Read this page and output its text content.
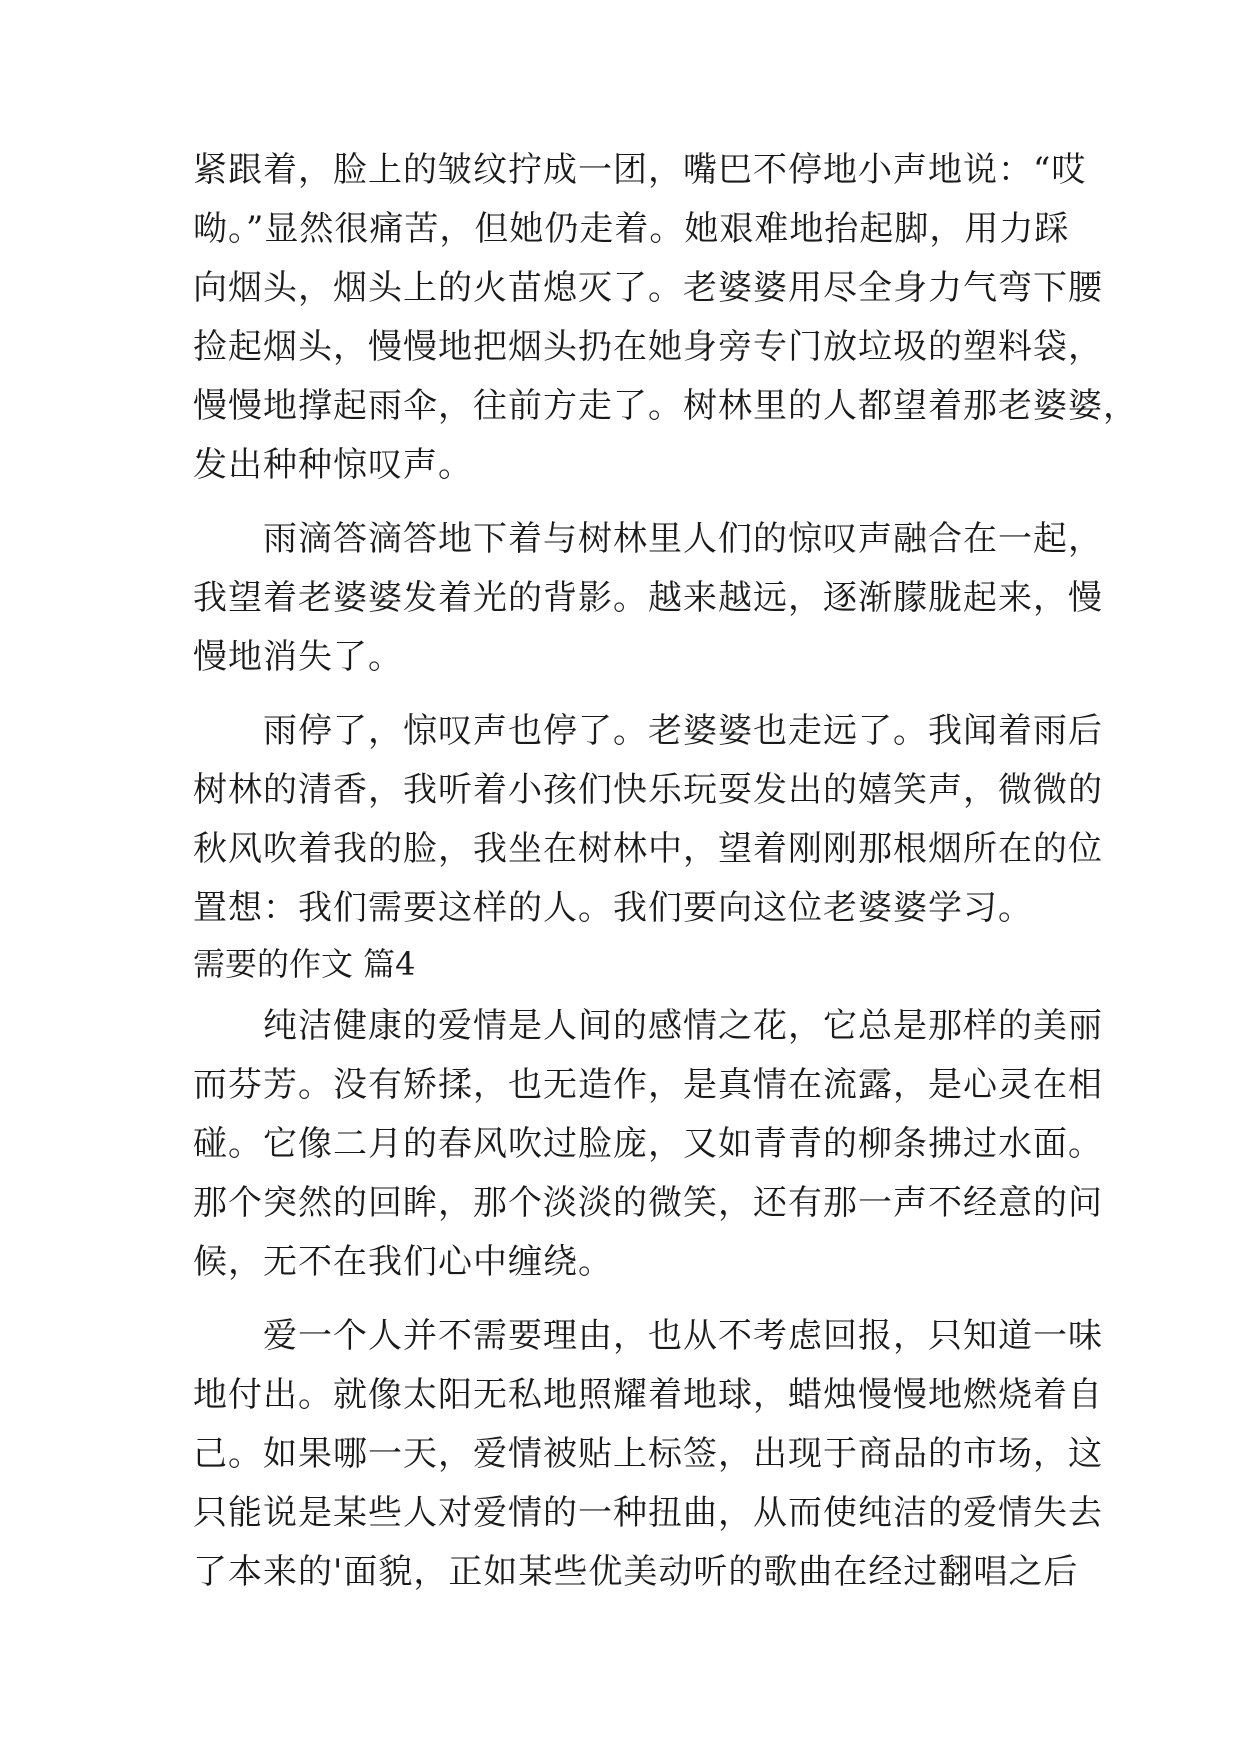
紧跟着，脸上的皱纹拧成一团，嘴巴不停地小声地说：“哎
呦。”显然很痛苦，但她仍走着。她艰难地抬起脚，用力踩
向烟头，烟头上的火苗熄灭了。老婆婆用尽全身力气弯下腰
捡起烟头，慢慢地把烟头扔在她身旁专门放垃圾的塑料袋，
慢慢地撑起雨伞，往前方走了。树林里的人都望着那老婆婆，
发出种种惊叹声。
　　雨滴答滴答地下着与树林里人们的惊叹声融合在一起，
我望着老婆婆发着光的背影。越来越远，逐渐朦胧起来，慢
慢地消失了。
　　雨停了，惊叹声也停了。老婆婆也走远了。我闻着雨后
树林的清香，我听着小孩们快乐玩耍发出的嬉笑声，微微的
秋风吹着我的脸，我坐在树林中，望着刚刚那根烟所在的位
置想：我们需要这样的人。我们要向这位老婆婆学习。
需要的作文 篇4
　　纯洁健康的爱情是人间的感情之花，它总是那样的美丽
而芬芳。没有矫揉，也无造作，是真情在流露，是心灵在相
碰。它像二月的春风吹过脸庞，又如青青的柳条拂过水面。
那个突然的回眸，那个淡淡的微笑，还有那一声不经意的问
候，无不在我们心中缠绕。
　　爱一个人并不需要理由，也从不考虑回报，只知道一味
地付出。就像太阳无私地照耀着地球，蜡烛慢慢地燃烧着自
己。如果哪一天，爱情被贴上标签，出现于商品的市场，这
只能说是某些人对爱情的一种扭曲，从而使纯洁的爱情失去
了本来的'面貌，正如某些优美动听的歌曲在经过翻唱之后
